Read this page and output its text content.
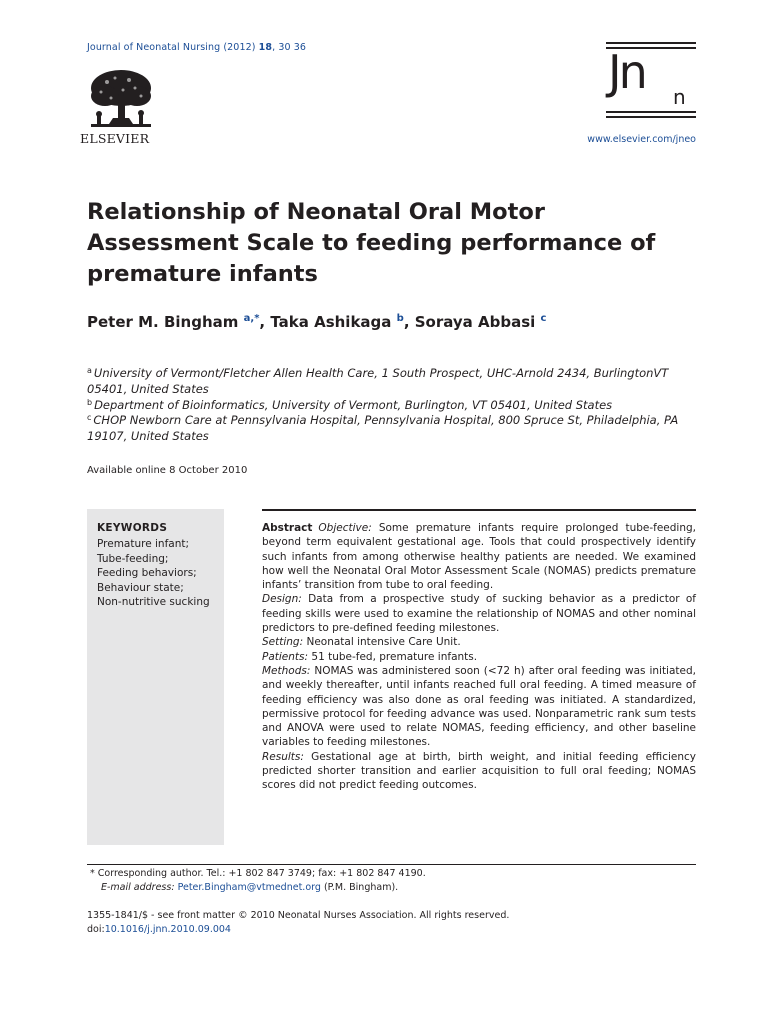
Journal of Neonatal Nursing (2012) 18, 30 36
ELSEVIER
Jn n
www.elsevier.com/jneo
Relationship of Neonatal Oral Motor Assessment Scale to feeding performance of premature infants
Peter M. Bingham $^{a,*}$, Taka Ashikaga $^b$, Soraya Abbasi $^c$
$^a$ University of Vermont/Fletcher Allen Health Care, 1 South Prospect, UHC-Arnold 2434, BurlingtonVT 05401, United States
$^b$ Department of Bioinformatics, University of Vermont, Burlington, VT 05401, United States
$^c$ CHOP Newborn Care at Pennsylvania Hospital, Pennsylvania Hospital, 800 Spruce St, Philadelphia, PA 19107, United States
Available online 8 October 2010
KEYWORDS
Premature infant;
Tube-feeding;
Feeding behaviors;
Behaviour state;
Non-nutritive sucking

Abstract Objective: Some premature infants require prolonged tube-feeding, beyond term equivalent gestational age. Tools that could prospectively identify such infants from among otherwise healthy patients are needed. We examined how well the Neonatal Oral Motor Assessment Scale (NOMAS) predicts premature infants’ transition from tube to oral feeding.

Design: Data from a prospective study of sucking behavior as a predictor of feeding skills were used to examine the relationship of NOMAS and other nominal predictors to pre-defined feeding milestones.

Setting: Neonatal intensive Care Unit.

Patients: 51 tube-fed, premature infants.

Methods: NOMAS was administered soon (<72 h) after oral feeding was initiated, and weekly thereafter, until infants reached full oral feeding. A timed measure of feeding efficiency was also done as oral feeding was initiated. A standardized, permissive protocol for feeding advance was used. Nonparametric rank sum tests and ANOVA were used to relate NOMAS, feeding efficiency, and other baseline variables to feeding milestones.

Results: Gestational age at birth, birth weight, and initial feeding efficiency predicted shorter transition and earlier acquisition to full oral feeding; NOMAS scores did not predict feeding outcomes.

* Corresponding author. Tel.: +1 802 847 3749; fax: +1 802 847 4190.
E-mail address: Peter.Bingham@vtmednet.org (P.M. Bingham).
1355-1841/$ - see front matter © 2010 Neonatal Nurses Association. All rights reserved.
doi:10.1016/j.jnn.2010.09.004
